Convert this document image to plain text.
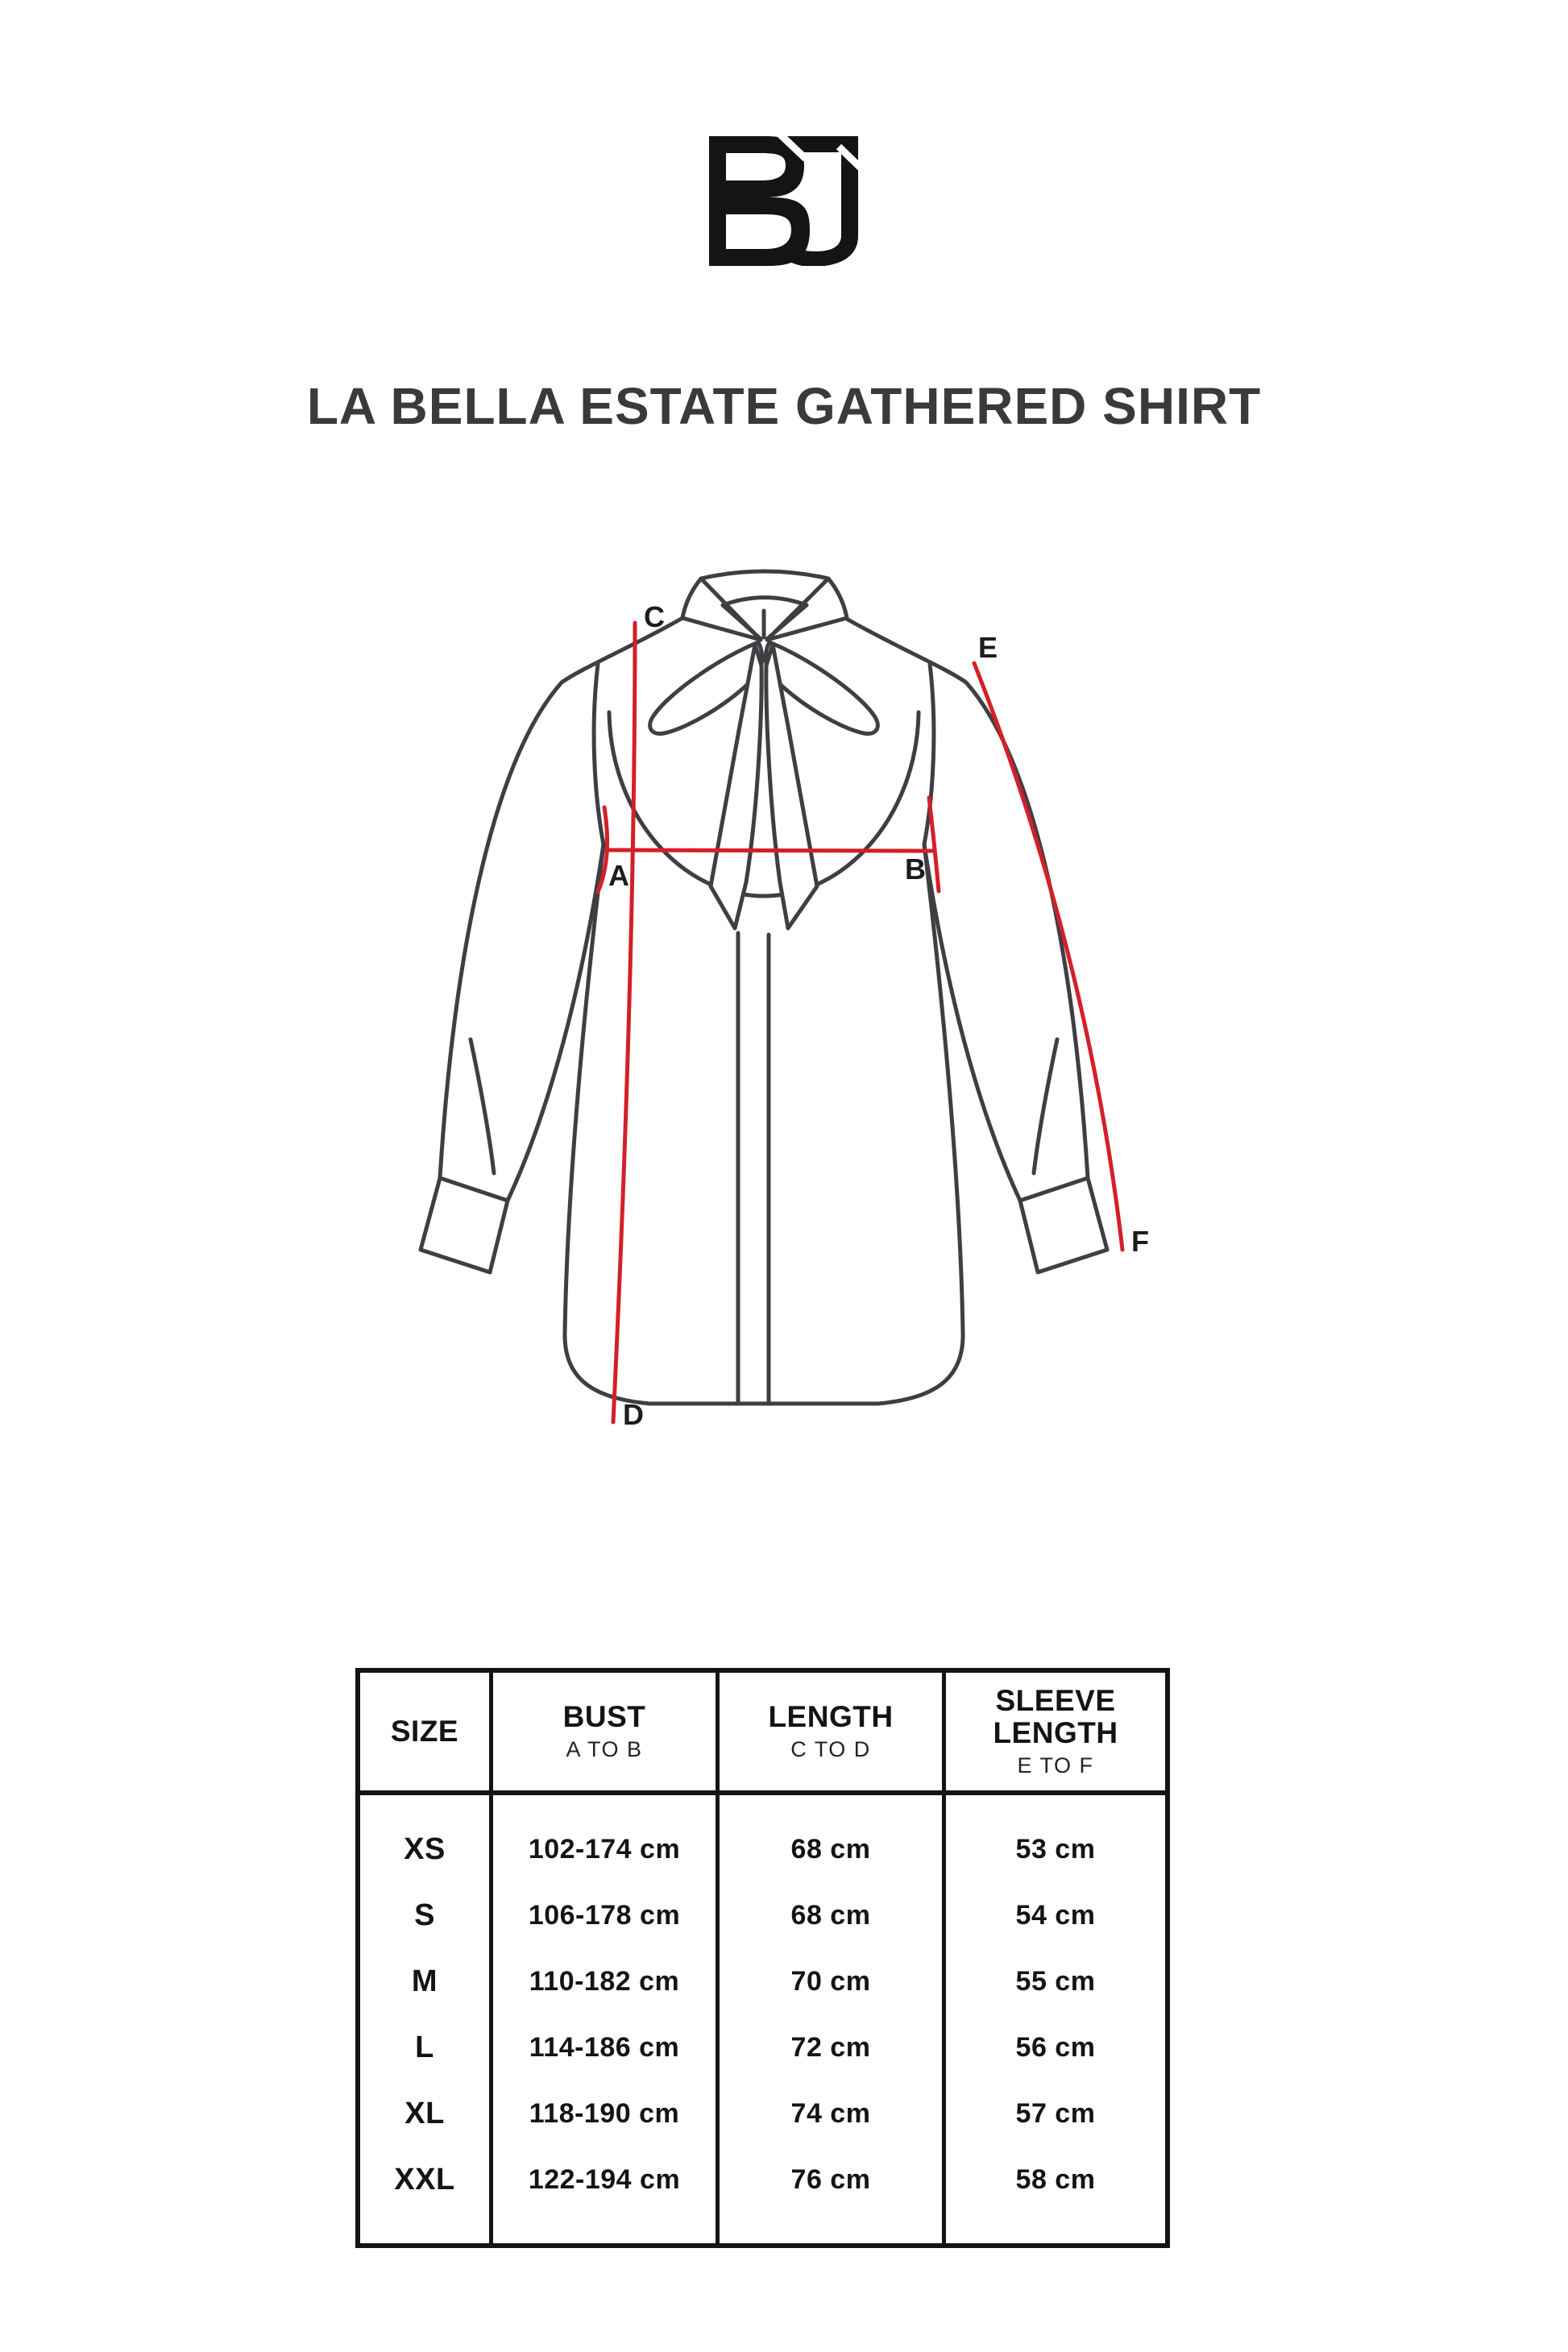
LA BELLA ESTATE GATHERED SHIRT
A	B
C
D
E
F
SIZE	BUST
A TO B
LENGTH
C TO D
SLEEVE LENGTH
E TO F
XS
S
M
L
XL
XXL
102-174 cm
106-178 cm
110-182 cm
114-186 cm
118-190 cm
122-194 cm
68 cm
68 cm
70 cm
72 cm
74 cm
76 cm
53 cm
54 cm
55 cm
56 cm
57 cm
58 cm
